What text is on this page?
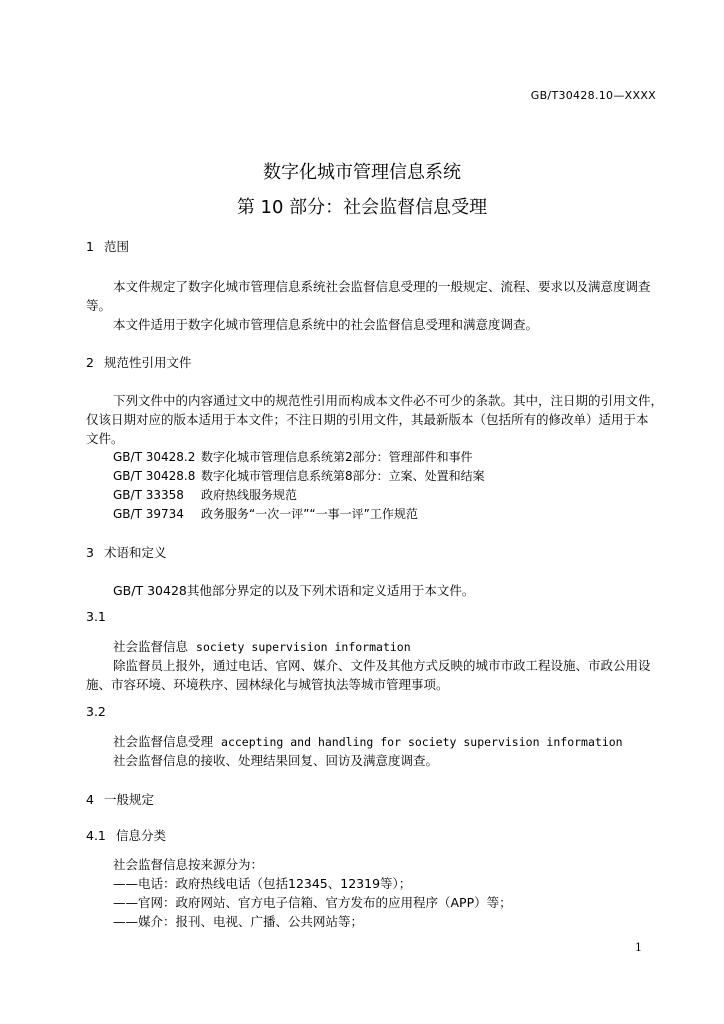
GB/T30428.10—XXXX
数字化城市管理信息系统
第 10 部分：社会监督信息受理
1 范围
本文件规定了数字化城市管理信息系统社会监督信息受理的一般规定、流程、要求以及满意度调查
等。
本文件适用于数字化城市管理信息系统中的社会监督信息受理和满意度调查。
2 规范性引用文件
下列文件中的内容通过文中的规范性引用而构成本文件必不可少的条款。其中，注日期的引用文件，
仅该日期对应的版本适用于本文件；不注日期的引用文件，其最新版本（包括所有的修改单）适用于本
文件。
GB/T 30428.2 数字化城市管理信息系统第2部分：管理部件和事件
GB/T 30428.8 数字化城市管理信息系统第8部分：立案、处置和结案
GB/T 33358 政府热线服务规范
GB/T 39734 政务服务“一次一评”“一事一评”工作规范
3 术语和定义
GB/T 30428其他部分界定的以及下列术语和定义适用于本文件。
3.1
社会监督信息 society supervision information
除监督员上报外，通过电话、官网、媒介、文件及其他方式反映的城市市政工程设施、市政公用设
施、市容环境、环境秩序、园林绿化与城管执法等城市管理事项。
3.2
社会监督信息受理 accepting and handling for society supervision information
社会监督信息的接收、处理结果回复、回访及满意度调查。
4 一般规定
4.1 信息分类
社会监督信息按来源分为：
——电话：政府热线电话（包括12345、12319等）；
——官网：政府网站、官方电子信箱、官方发布的应用程序（APP）等；
——媒介：报刊、电视、广播、公共网站等；
1
